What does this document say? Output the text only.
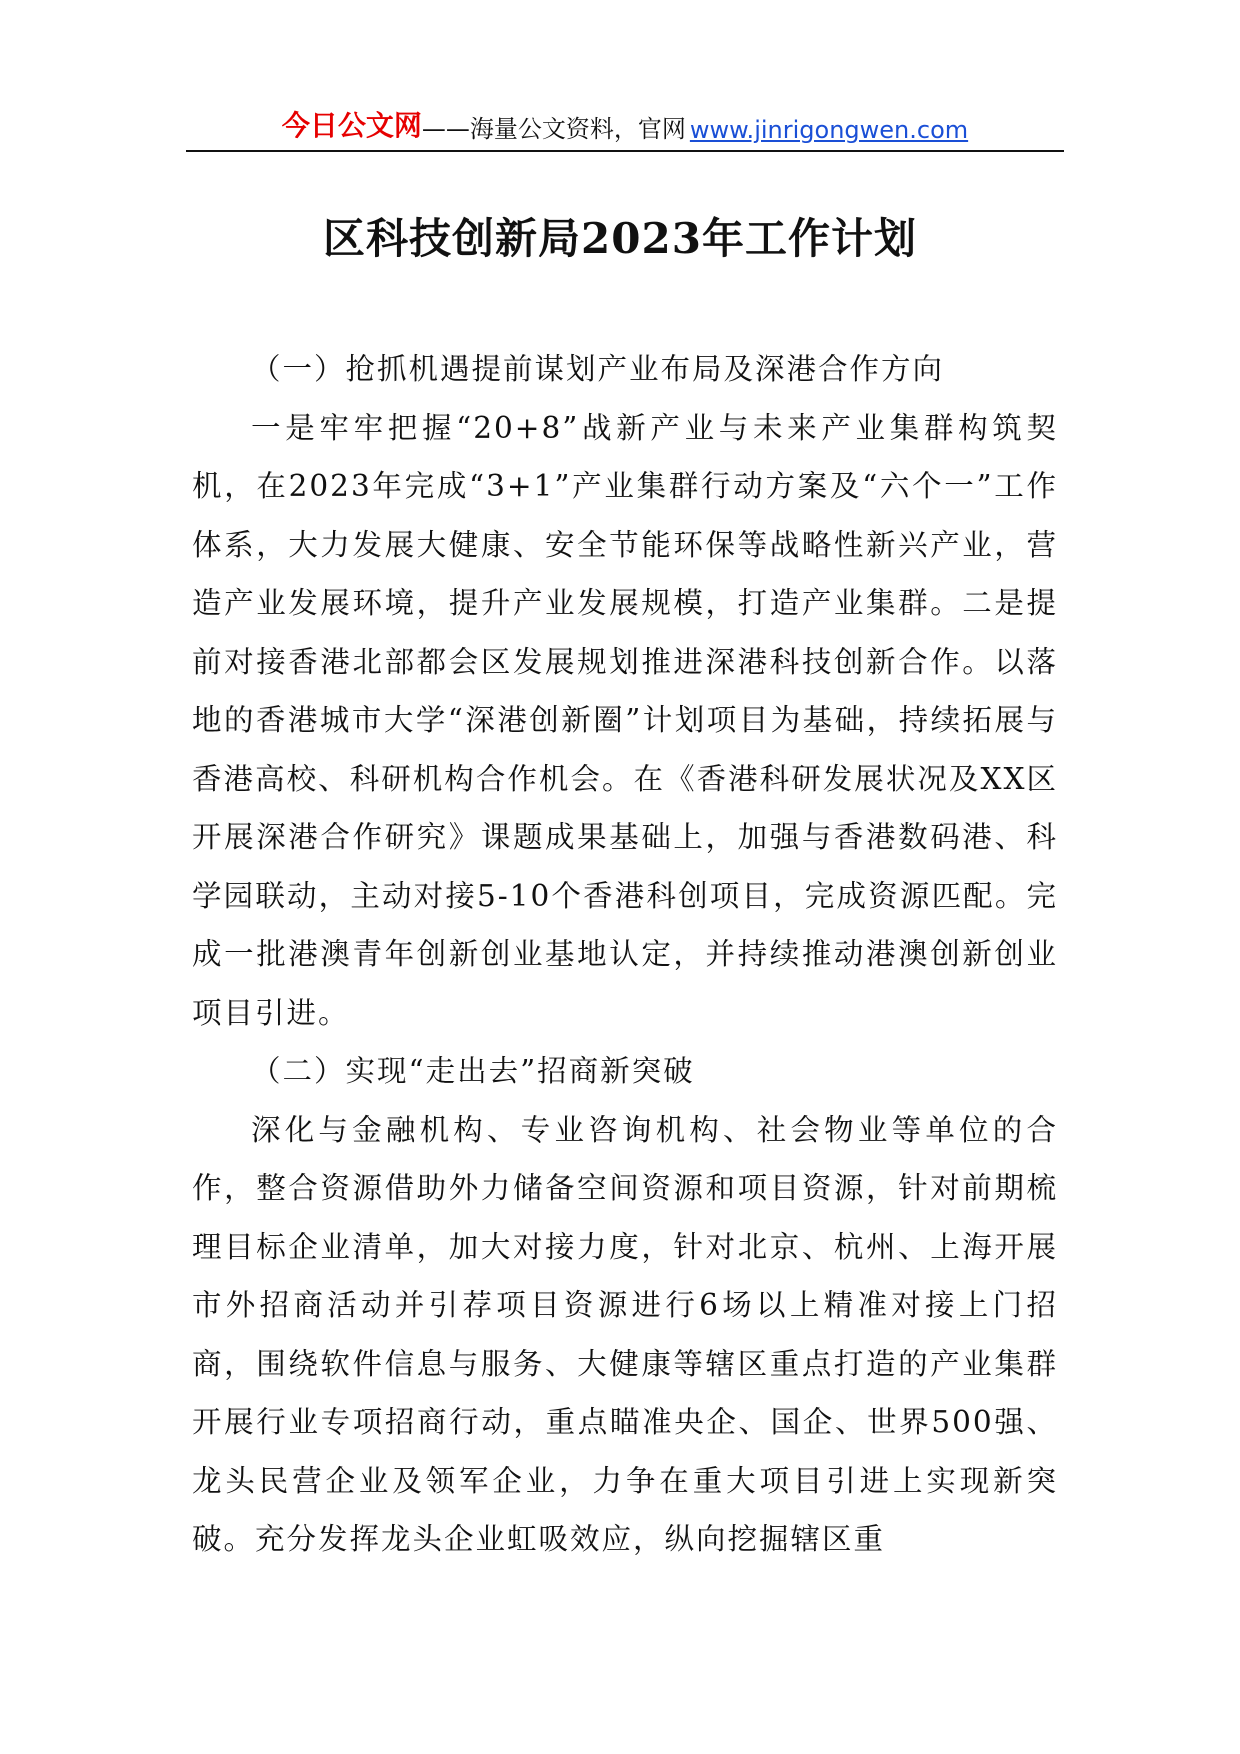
今日公文网 ——海量公文资料，官网 www.jinrigongwen.com
区科技创新局2023年工作计划
（一）抢抓机遇提前谋划产业布局及深港合作方向

一是牢牢把握“20+8”战新产业与未来产业集群构筑契机，在2023年完成“3+1”产业集群行动方案及“六个一”工作体系，大力发展大健康、安全节能环保等战略性新兴产业，营造产业发展环境，提升产业发展规模，打造产业集群。二是提前对接香港北部都会区发展规划推进深港科技创新合作。以落地的香港城市大学“深港创新圈”计划项目为基础，持续拓展与香港高校、科研机构合作机会。在《香港科研发展状况及XX区开展深港合作研究》课题成果基础上，加强与香港数码港、科学园联动，主动对接5-10个香港科创项目，完成资源匹配。完成一批港澳青年创新创业基地认定，并持续推动港澳创新创业项目引进。

（二）实现“走出去”招商新突破

深化与金融机构、专业咨询机构、社会物业等单位的合作，整合资源借助外力储备空间资源和项目资源，针对前期梳理目标企业清单，加大对接力度，针对北京、杭州、上海开展市外招商活动并引荐项目资源进行6场以上精准对接上门招商，围绕软件信息与服务、大健康等辖区重点打造的产业集群开展行业专项招商行动，重点瞄准央企、国企、世界500强、龙头民营企业及领军企业，力争在重大项目引进上实现新突破。充分发挥龙头企业虹吸效应，纵向挖掘辖区重
